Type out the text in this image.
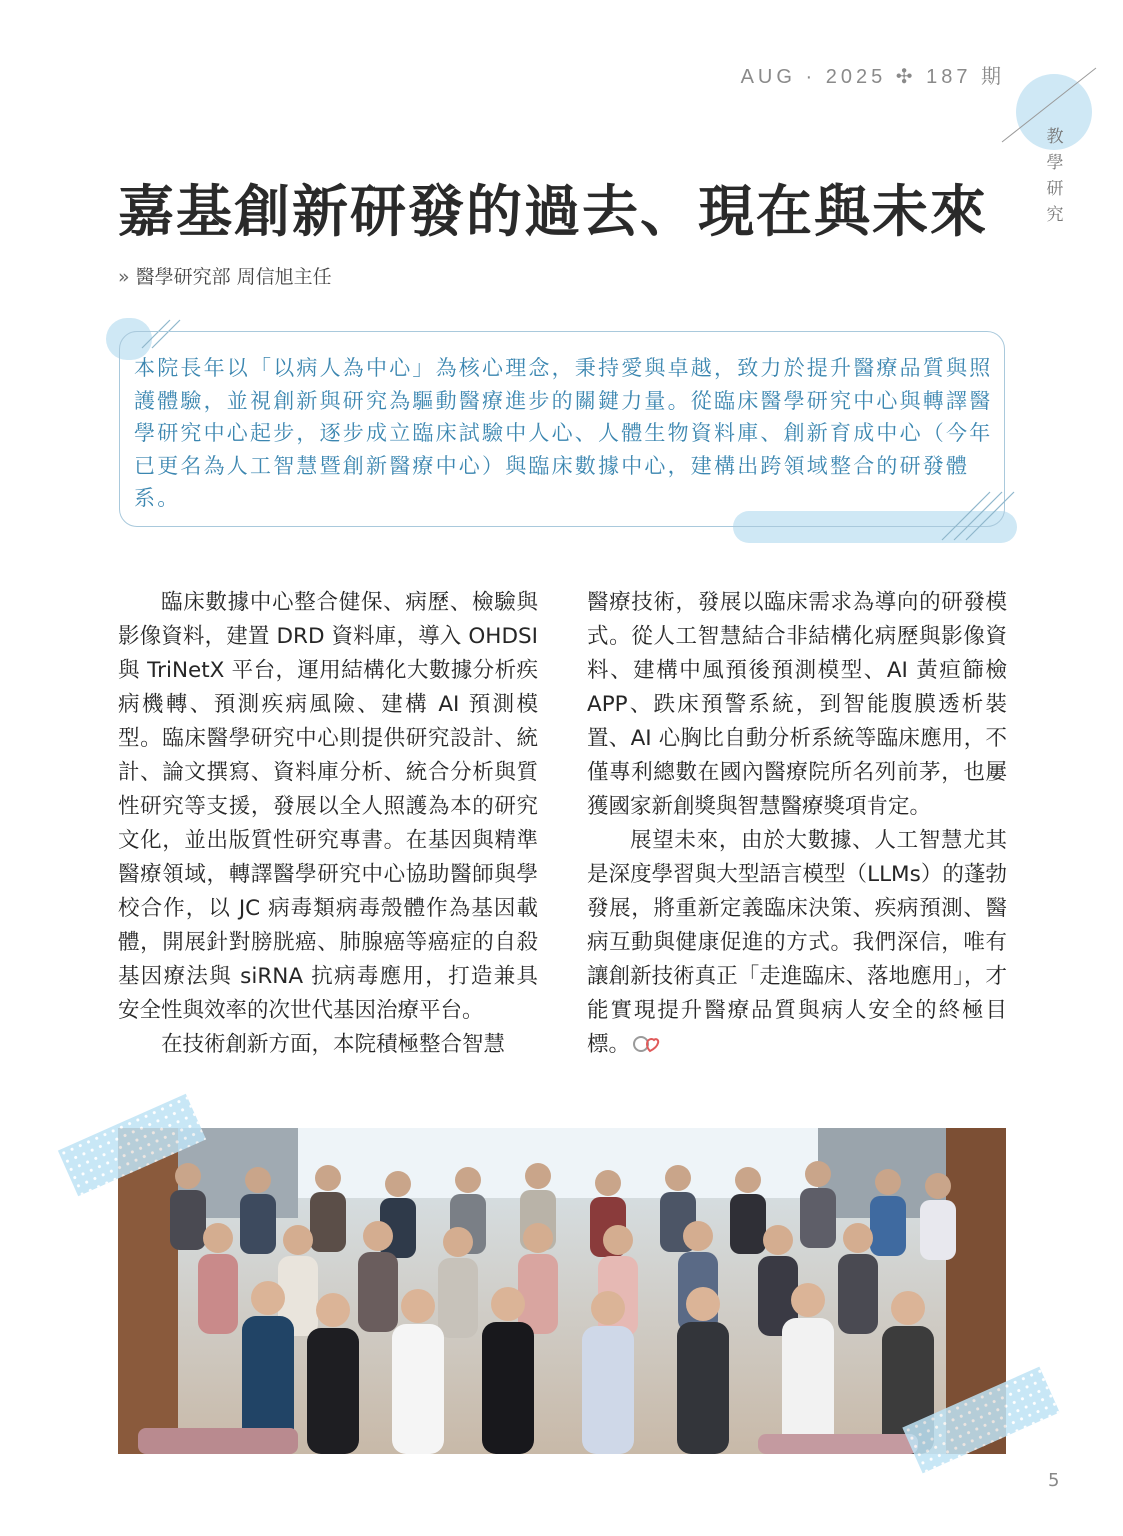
AUG · 2025 ✣ 187 期
教
學
研
究
嘉基創新研發的過去、現在與未來
» 醫學研究部 周信旭主任

本院長年以「以病人為中心」為核心理念，秉持愛與卓越，致力於提升醫療品質與照護體驗，並視創新與研究為驅動醫療進步的關鍵力量。從臨床醫學研究中心與轉譯醫學研究中心起步，逐步成立臨床試驗中人心、人體生物資料庫、創新育成中心（今年已更名為人工智慧暨創新醫療中心）與臨床數據中心，建構出跨領域整合的研發體系。

臨床數據中心整合健保、病歷、檢驗與影像資料，建置 DRD 資料庫，導入 OHDSI 與 TriNetX 平台，運用結構化大數據分析疾病機轉、預測疾病風險、建構 AI 預測模型。臨床醫學研究中心則提供研究設計、統計、論文撰寫、資料庫分析、統合分析與質性研究等支援，發展以全人照護為本的研究文化，並出版質性研究專書。在基因與精準醫療領域，轉譯醫學研究中心協助醫師與學校合作，以 JC 病毒類病毒殼體作為基因載體，開展針對膀胱癌、肺腺癌等癌症的自殺基因療法與 siRNA 抗病毒應用，打造兼具安全性與效率的次世代基因治療平台。

在技術創新方面，本院積極整合智慧

醫療技術，發展以臨床需求為導向的研發模式。從人工智慧結合非結構化病歷與影像資料、建構中風預後預測模型、AI 黃疸篩檢 APP、跌床預警系統，到智能腹膜透析裝置、AI 心胸比自動分析系統等臨床應用，不僅專利總數在國內醫療院所名列前茅，也屢獲國家新創獎與智慧醫療獎項肯定。

展望未來，由於大數據、人工智慧尤其是深度學習與大型語言模型（LLMs）的蓬勃發展，將重新定義臨床決策、疾病預測、醫病互動與健康促進的方式。我們深信，唯有讓創新技術真正「走進臨床、落地應用」，才能實現提升醫療品質與病人安全的終極目標。

5
